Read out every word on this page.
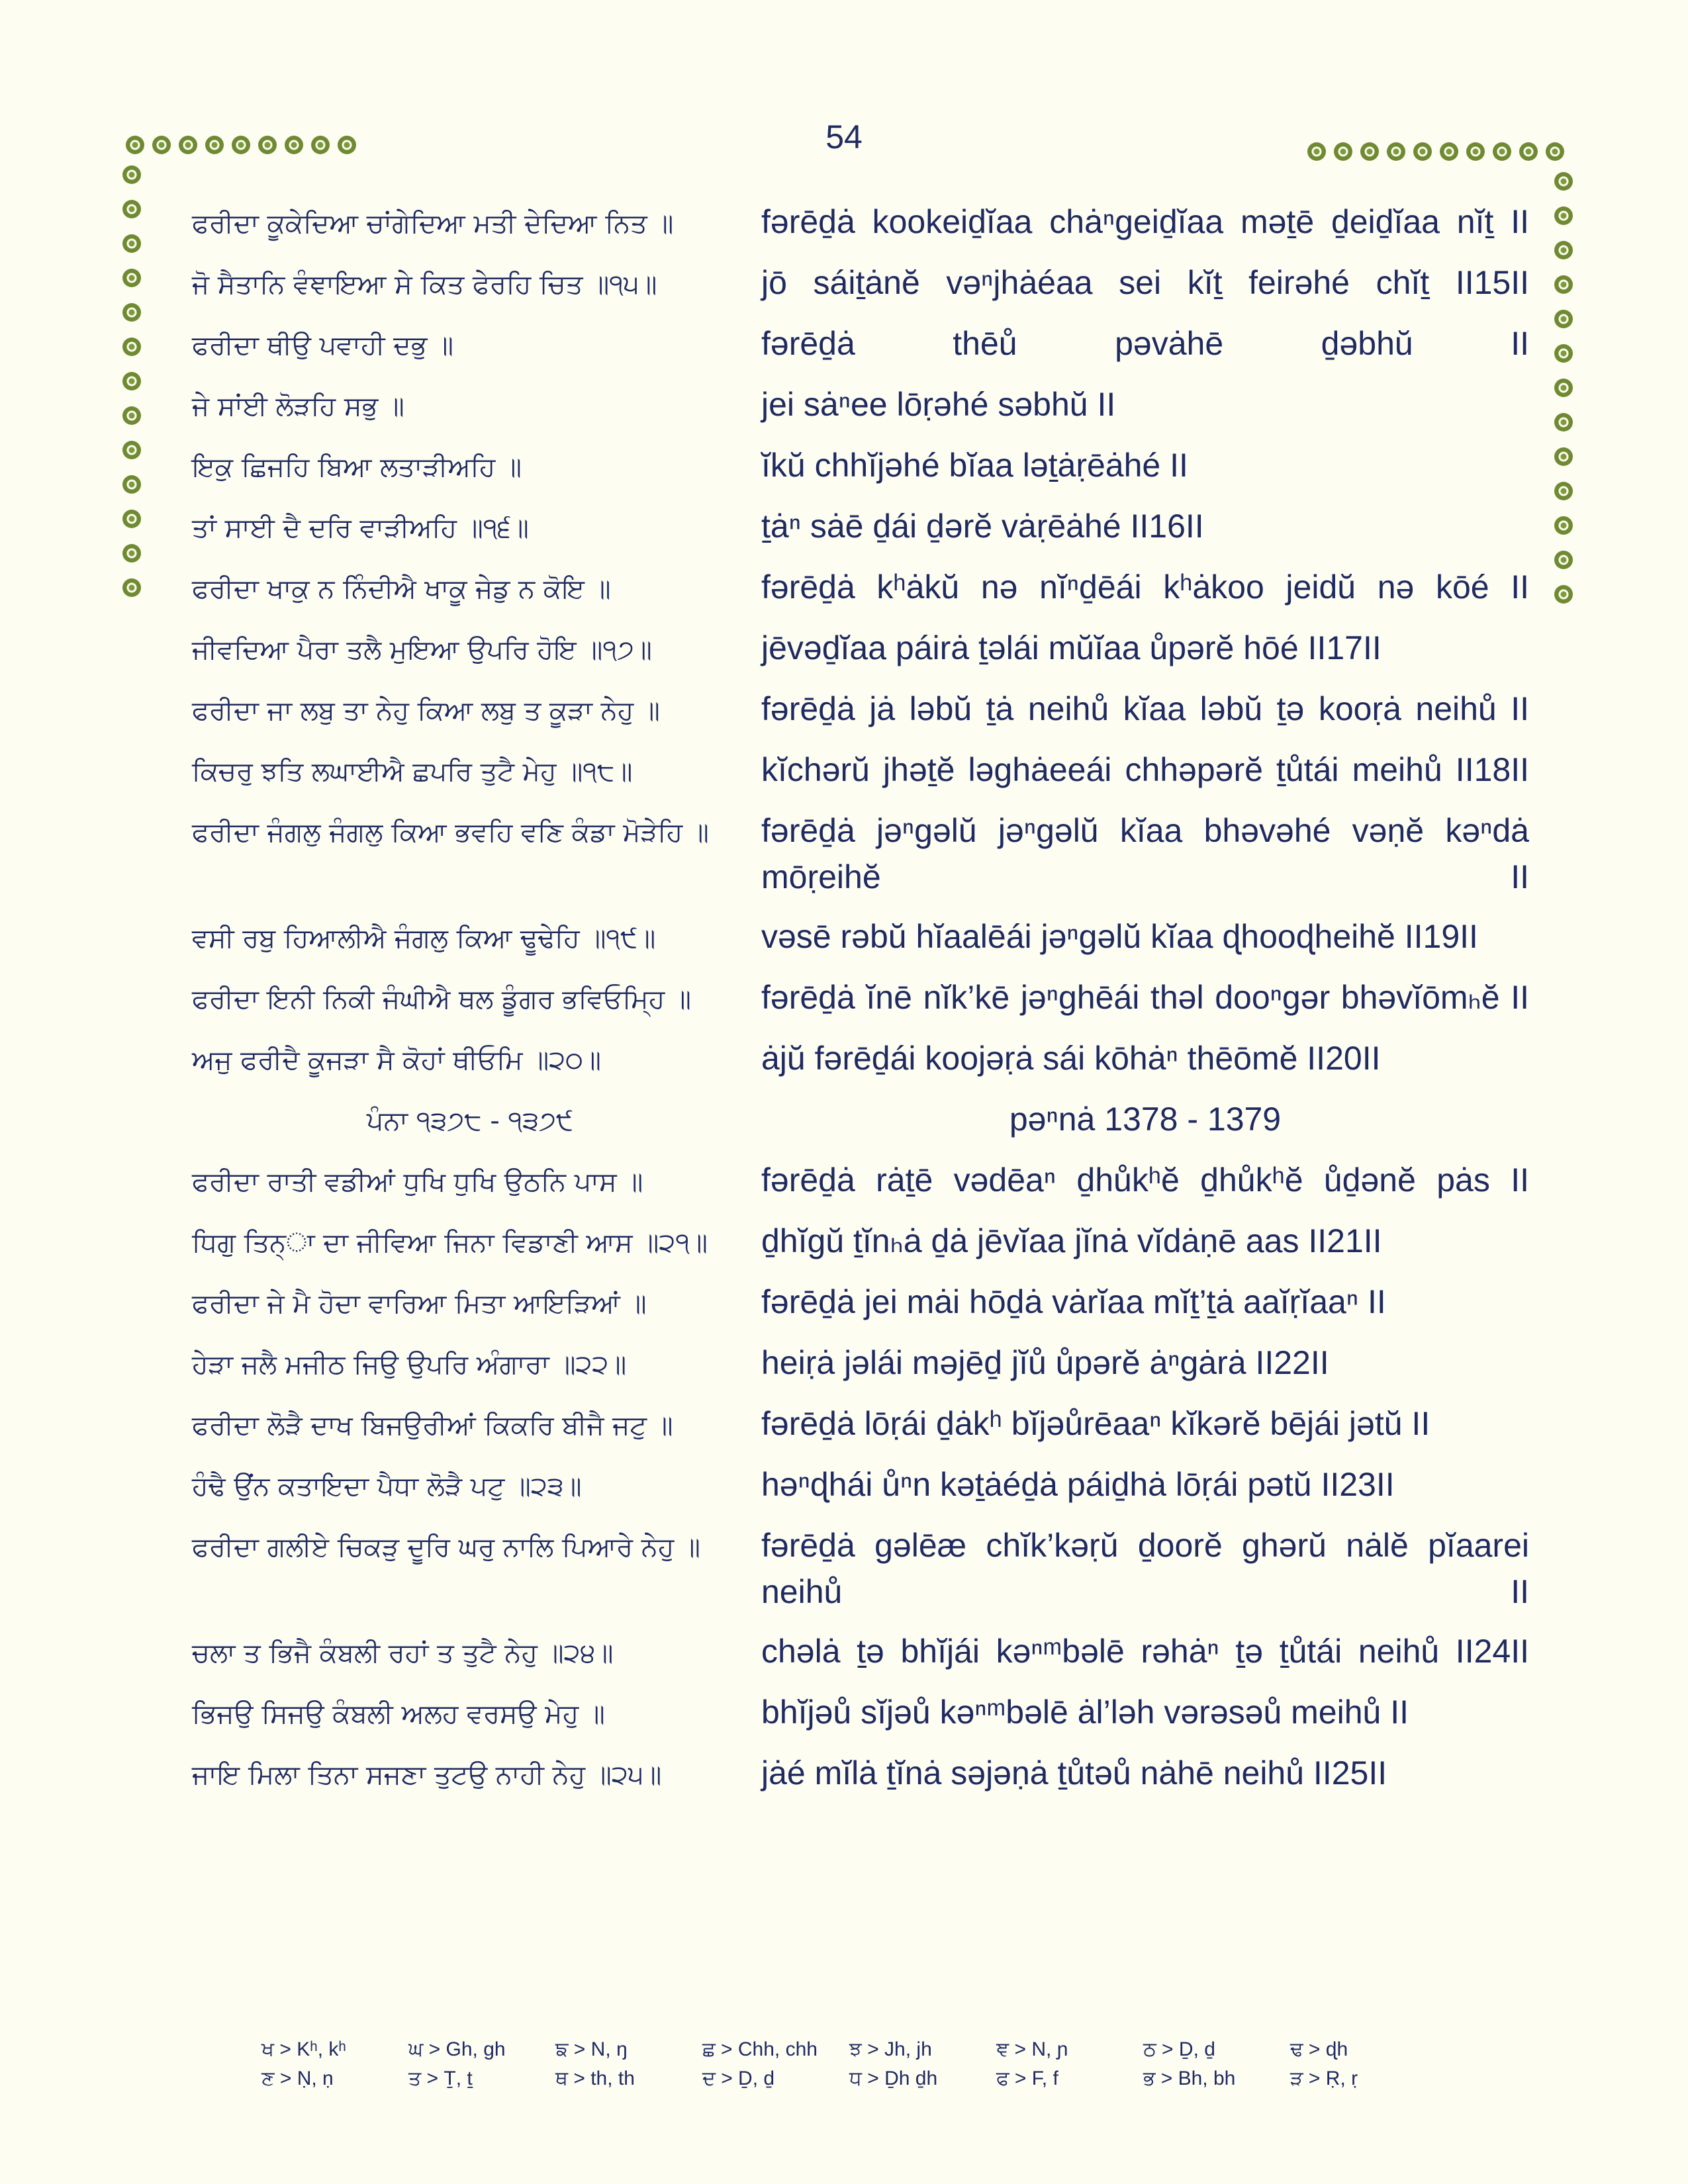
54
ਫਰੀਦਾ ਕੂਕੇਦਿਆ ਚਾਂਗੇਦਿਆ ਮਤੀ ਦੇਦਿਆ ਨਿਤ ॥	fərēḏȧ kookeiḏĭaa chȧⁿgeiḏĭaa məṯē ḏeiḏĭaa nĭṯ II
ਜੋ ਸੈਤਾਨਿ ਵੰਞਾਇਆ ਸੇ ਕਿਤ ਫੇਰਹਿ ਚਿਤ ॥੧੫॥	jō sáiṯȧnĕ vəⁿjhȧéaa sei kĭṯ feirəhé chĭṯ II15II
ਫਰੀਦਾ ਥੀਉ ਪਵਾਹੀ ਦਭੁ ॥	fərēḏȧ thēů pəvȧhē ḏəbhŭ II
ਜੇ ਸਾਂਈ ਲੋੜਹਿ ਸਭੁ ॥	jei sȧⁿee lōṛəhé səbhŭ II
ਇਕੁ ਛਿਜਹਿ ਬਿਆ ਲਤਾੜੀਅਹਿ ॥	ĭkŭ chhĭjəhé bĭaa ləṯȧṛēȧhé II
ਤਾਂ ਸਾਈ ਦੈ ਦਰਿ ਵਾੜੀਅਹਿ ॥੧੬॥	ṯȧⁿ sȧē ḏái ḏərĕ vȧṛēȧhé II16II
ਫਰੀਦਾ ਖਾਕੁ ਨ ਨਿੰਦੀਐ ਖਾਕੂ ਜੇਡੁ ਨ ਕੋਇ ॥	fərēḏȧ kʰȧkŭ nə nĭⁿḏēái kʰȧkoo jeidŭ nə kōé II
ਜੀਵਦਿਆ ਪੈਰਾ ਤਲੈ ਮੁਇਆ ਉਪਰਿ ਹੋਇ ॥੧੭॥	jēvəḏĭaa páirȧ ṯəlái mŭĭaa ůpərĕ hōé II17II
ਫਰੀਦਾ ਜਾ ਲਬੁ ਤਾ ਨੇਹੁ ਕਿਆ ਲਬੁ ਤ ਕੂੜਾ ਨੇਹੁ ॥	fərēḏȧ jȧ ləbŭ ṯȧ neihů kĭaa ləbŭ ṯə kooṛȧ neihů II
ਕਿਚਰੁ ਝਤਿ ਲਘਾਈਐ ਛਪਰਿ ਤੁਟੈ ਮੇਹੁ ॥੧੮॥	kĭchərŭ jhəṯĕ ləghȧeeái chhəpərĕ ṯůtái meihů II18II
ਫਰੀਦਾ ਜੰਗਲੁ ਜੰਗਲੁ ਕਿਆ ਭਵਹਿ ਵਣਿ ਕੰਡਾ ਮੋੜੇਹਿ ॥	fərēḏȧ jəⁿgəlŭ jəⁿgəlŭ kĭaa bhəvəhé vəṇĕ kəⁿdȧ mōṛeihĕ II
ਵਸੀ ਰਬੁ ਹਿਆਲੀਐ ਜੰਗਲੁ ਕਿਆ ਢੂਢੇਹਿ ॥੧੯॥	vəsē rəbŭ hĭaalēái jəⁿgəlŭ kĭaa ɖhooɖheihĕ II19II
ਫਰੀਦਾ ਇਨੀ ਨਿਕੀ ਜੰਘੀਐ ਥਲ ਡੂੰਗਰ ਭਵਿਓਮ੍ਹਿ ॥	fərēḏȧ ĭnē nĭk’kē jəⁿghēái thəl dooⁿgər bhəvĭōmₕĕ II
ਅਜੁ ਫਰੀਦੈ ਕੂਜੜਾ ਸੈ ਕੋਹਾਂ ਥੀਓਮਿ ॥੨੦॥	ȧjŭ fərēḏái koojəṛȧ sái kōhȧⁿ thēōmĕ II20II
ਪੰਨਾ ੧੩੭੮ - ੧੩੭੯	pəⁿnȧ 1378 - 1379
ਫਰੀਦਾ ਰਾਤੀ ਵਡੀਆਂ ਧੁਖਿ ਧੁਖਿ ਉਠਨਿ ਪਾਸ ॥	fərēḏȧ rȧṯē vədēaⁿ ḏhůkʰĕ ḏhůkʰĕ ůḏənĕ pȧs II
ਧਿਗੁ ਤਿਨ੍ਾ ਦਾ ਜੀਵਿਆ ਜਿਨਾ ਵਿਡਾਣੀ ਆਸ ॥੨੧॥	ḏhĭgŭ ṯĭnₕȧ ḏȧ jēvĭaa jĭnȧ vĭdȧṇē aas II21II
ਫਰੀਦਾ ਜੇ ਮੈ ਹੋਦਾ ਵਾਰਿਆ ਮਿਤਾ ਆਇੜਿਆਂ ॥	fərēḏȧ jei mȧi hōḏȧ vȧrĭaa mĭṯ’ṯȧ aaĭṛĭaaⁿ II
ਹੇੜਾ ਜਲੈ ਮਜੀਠ ਜਿਉ ਉਪਰਿ ਅੰਗਾਰਾ ॥੨੨॥	heiṛȧ jəlái məjēḏ jĭů ůpərĕ ȧⁿgȧrȧ II22II
ਫਰੀਦਾ ਲੋੜੈ ਦਾਖ ਬਿਜਉਰੀਆਂ ਕਿਕਰਿ ਬੀਜੈ ਜਟੁ ॥	fərēḏȧ lōṛái ḏȧkʰ bĭjəůrēaaⁿ kĭkərĕ bējái jətŭ II
ਹੰਢੈ ਉਂਨ ਕਤਾਇਦਾ ਪੈਧਾ ਲੋੜੈ ਪਟੁ ॥੨੩॥	həⁿɖhái ůⁿn kəṯȧéḏȧ páiḏhȧ lōṛái pətŭ II23II
ਫਰੀਦਾ ਗਲੀਏ ਚਿਕੜੁ ਦੂਰਿ ਘਰੁ ਨਾਲਿ ਪਿਆਰੇ ਨੇਹੁ ॥	fərēḏȧ gəlēæ chĭk’kəṛŭ ḏoorĕ ghərŭ nȧlĕ pĭaarei neihů II
ਚਲਾ ਤ ਭਿਜੈ ਕੰਬਲੀ ਰਹਾਂ ਤ ਤੁਟੈ ਨੇਹੁ ॥੨੪॥	chəlȧ ṯə bhĭjái kəⁿᵐbəlē rəhȧⁿ ṯə ṯůtái neihů II24II
ਭਿਜਉ ਸਿਜਉ ਕੰਬਲੀ ਅਲਹ ਵਰਸਉ ਮੇਹੁ ॥	bhĭjəů sĭjəů kəⁿᵐbəlē ȧl’ləh vərəsəů meihů II
ਜਾਇ ਮਿਲਾ ਤਿਨਾ ਸਜਣਾ ਤੁਟਉ ਨਾਹੀ ਨੇਹੁ ॥੨੫॥	jȧé mĭlȧ ṯĭnȧ səjəṇȧ ṯůtəů nȧhē neihů II25II
ਖ > Kʰ, kʰ	ਘ > Gh, gh	ਙ > N, ŋ	ਛ > Chh, chh	ਝ > Jh, jh	ਞ > N, ɲ	ਠ > Ḏ, ḏ	ਢ > ɖh
ਣ > Ṇ, ṇ	ਤ > Ṯ, ṯ	ਥ > th, th	ਦ > Ḏ, ḏ	ਧ > Ḏh ḏh	ਫ > F, f	ਭ > Bh, bh	ੜ > Ṛ, ṛ
